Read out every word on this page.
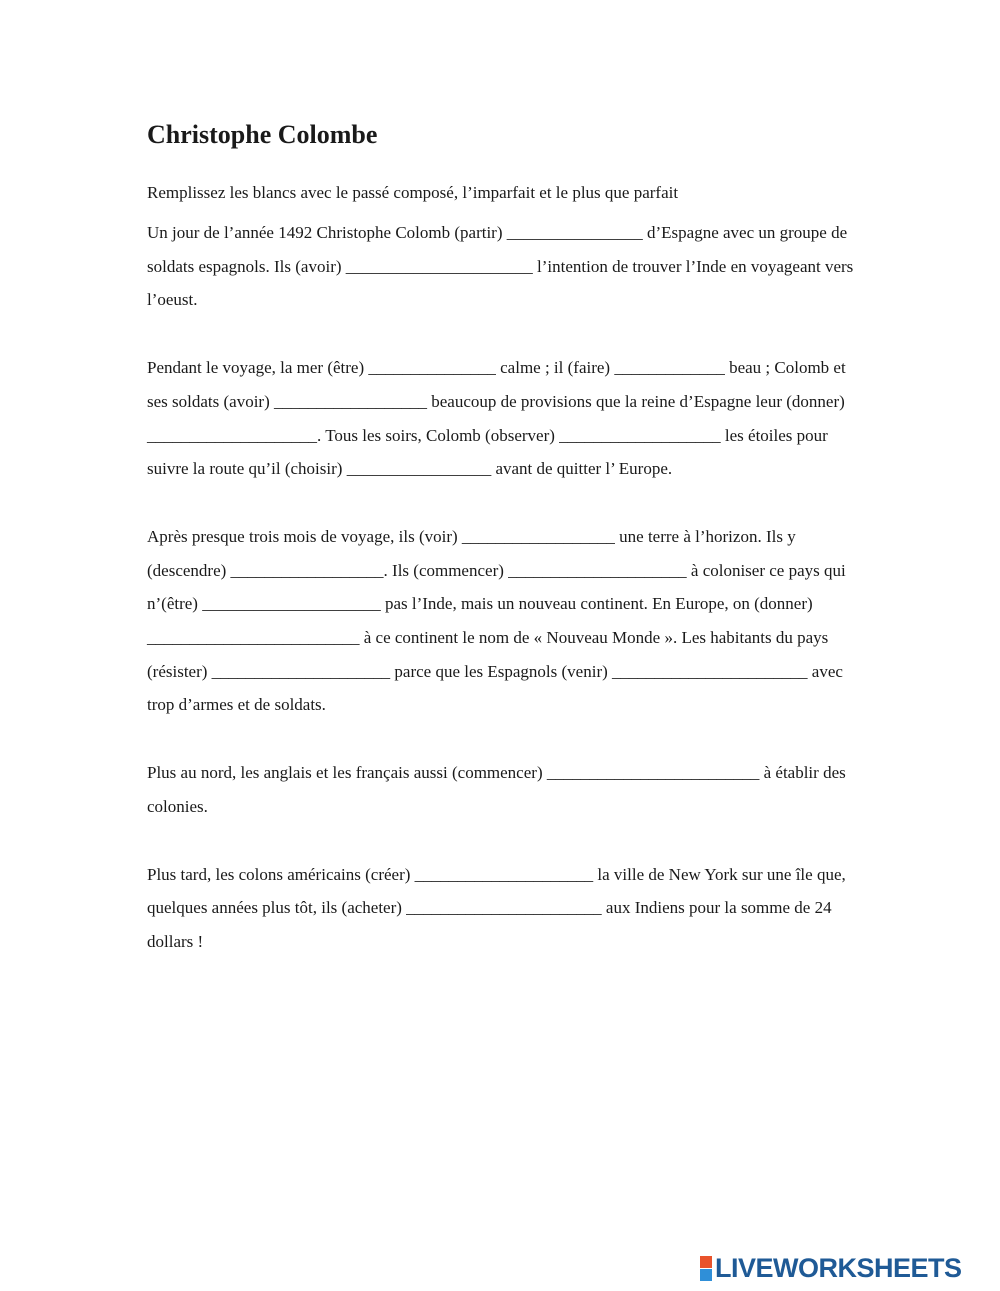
Christophe Colombe
Remplissez les blancs avec le passé composé, l’imparfait et le plus que parfait

Un jour de l’année 1492 Christophe Colomb (partir) ________________ d’Espagne avec un groupe de soldats espagnols. Ils (avoir) ______________________ l’intention de trouver l’Inde en voyageant vers l’oeust.

Pendant le voyage, la mer (être) _______________ calme ; il (faire) _____________ beau ; Colomb et ses soldats (avoir) __________________ beaucoup de provisions que la reine d’Espagne leur (donner) ____________________. Tous les soirs, Colomb (observer) ___________________ les étoiles pour suivre la route qu’il (choisir) _________________ avant de quitter l’ Europe.

Après presque trois mois de voyage, ils (voir) __________________ une terre à l’horizon. Ils y (descendre) __________________. Ils (commencer) _____________________ à coloniser ce pays qui n’(être) _____________________ pas l’Inde, mais un nouveau continent. En Europe, on (donner) _________________________ à ce continent le nom de « Nouveau Monde ». Les habitants du pays (résister) _____________________ parce que les Espagnols (venir) _______________________ avec trop d’armes et de soldats.

Plus au nord, les anglais et les français aussi (commencer) _________________________ à établir des colonies.

Plus tard, les colons américains (créer) _____________________ la ville de New York sur une île que, quelques années plus tôt, ils (acheter) _______________________ aux Indiens pour la somme de 24 dollars !

LIVEWORKSHEETS
